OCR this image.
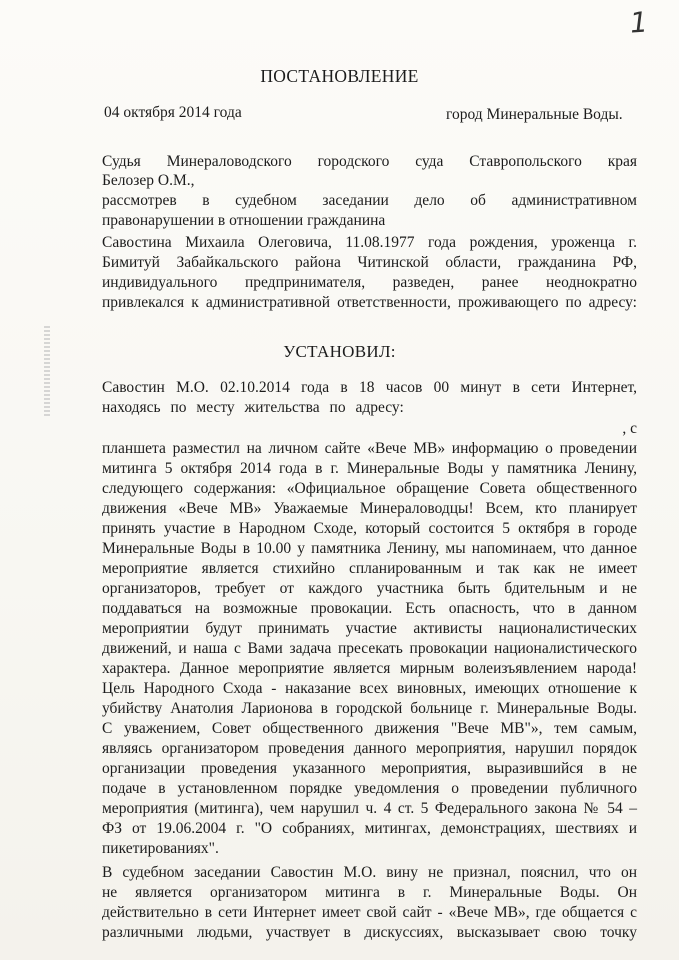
1
ПОСТАНОВЛЕНИЕ
04 октября 2014 года	город Минеральные Воды.
Судья Минераловодского городского суда Ставропольского края
Белозер О.М.,
рассмотрев в судебном заседании дело об административном
правонарушении в отношении гражданина
Савостина Михаила Олеговича, 11.08.1977 года рождения, уроженца г.
Бимитуй Забайкальского района Читинской области, гражданина РФ,
индивидуального предпринимателя, разведен, ранее неоднократно
привлекался к административной ответственности, проживающего по адресу:
УСТАНОВИЛ:
Савостин М.О. 02.10.2014 года в 18 часов 00 минут в сети Интернет,
находясь по месту жительства по адресу:
, с
планшета разместил на личном сайте «Вече МВ» информацию о проведении
митинга 5 октября 2014 года в г. Минеральные Воды у памятника Ленину,
следующего содержания: «Официальное обращение Совета общественного
движения «Вече МВ» Уважаемые Минераловодцы! Всем, кто планирует
принять участие в Народном Сходе, который состоится 5 октября в городе
Минеральные Воды в 10.00 у памятника Ленину, мы напоминаем, что данное
мероприятие является стихийно спланированным и так как не имеет
организаторов, требует от каждого участника быть бдительным и не
поддаваться на возможные провокации. Есть опасность, что в данном
мероприятии будут принимать участие активисты националистических
движений, и наша с Вами задача пресекать провокации националистического
характера. Данное мероприятие является мирным волеизъявлением народа!
Цель Народного Схода - наказание всех виновных, имеющих отношение к
убийству Анатолия Ларионова в городской больнице г. Минеральные Воды.
С уважением, Совет общественного движения "Вече МВ"», тем самым,
являясь организатором проведения данного мероприятия, нарушил порядок
организации проведения указанного мероприятия, выразившийся в не
подаче в установленном порядке уведомления о проведении публичного
мероприятия (митинга), чем нарушил ч. 4 ст. 5 Федерального закона № 54 –
ФЗ от 19.06.2004 г. "О собраниях, митингах, демонстрациях, шествиях и
пикетированиях".
В судебном заседании Савостин М.О. вину не признал, пояснил, что он
не является организатором митинга в г. Минеральные Воды. Он
действительно в сети Интернет имеет свой сайт - «Вече МВ», где общается с
различными людьми, участвует в дискуссиях, высказывает свою точку
